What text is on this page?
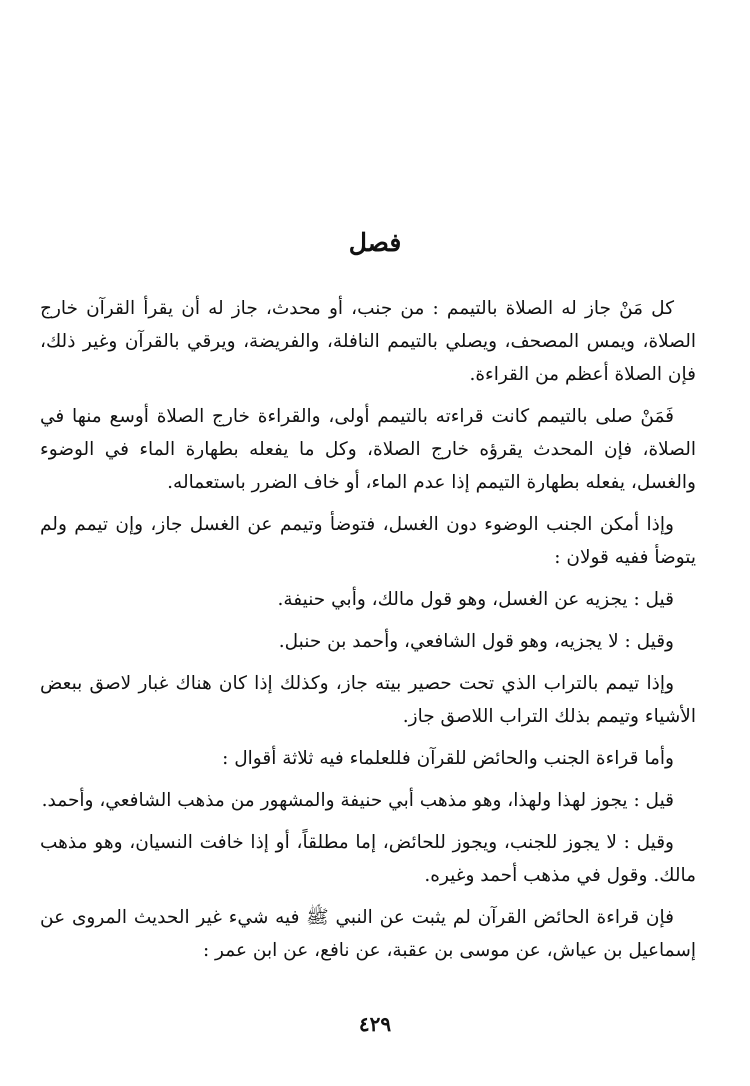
فصل

كل مَنْ جاز له الصلاة بالتيمم : من جنب، أو محدث، جاز له أن يقرأ القرآن خارج الصلاة، ويمس المصحف، ويصلي بالتيمم النافلة، والفريضة، ويرقي بالقرآن وغير ذلك، فإن الصلاة أعظم من القراءة.

فَمَنْ صلى بالتيمم كانت قراءته بالتيمم أولى، والقراءة خارج الصلاة أوسع منها في الصلاة، فإن المحدث يقرؤه خارج الصلاة، وكل ما يفعله بطهارة الماء في الوضوء والغسل، يفعله بطهارة التيمم إذا عدم الماء، أو خاف الضرر باستعماله.

وإذا أمكن الجنب الوضوء دون الغسل، فتوضأ وتيمم عن الغسل جاز، وإن تيمم ولم يتوضأ ففيه قولان :

قيل : يجزيه عن الغسل، وهو قول مالك، وأبي حنيفة.

وقيل : لا يجزيه، وهو قول الشافعي، وأحمد بن حنبل.

وإذا تيمم بالتراب الذي تحت حصير بيته جاز، وكذلك إذا كان هناك غبار لاصق ببعض الأشياء وتيمم بذلك التراب اللاصق جاز.

وأما قراءة الجنب والحائض للقرآن فللعلماء فيه ثلاثة أقوال :

قيل : يجوز لهذا ولهذا، وهو مذهب أبي حنيفة والمشهور من مذهب الشافعي، وأحمد.

وقيل : لا يجوز للجنب، ويجوز للحائض، إما مطلقاً، أو إذا خافت النسيان، وهو مذهب مالك. وقول في مذهب أحمد وغيره.

فإن قراءة الحائض القرآن لم يثبت عن النبي ﷺ فيه شيء غير الحديث المروى عن إسماعيل بن عياش، عن موسى بن عقبة، عن نافع، عن ابن عمر :

٤٢٩
